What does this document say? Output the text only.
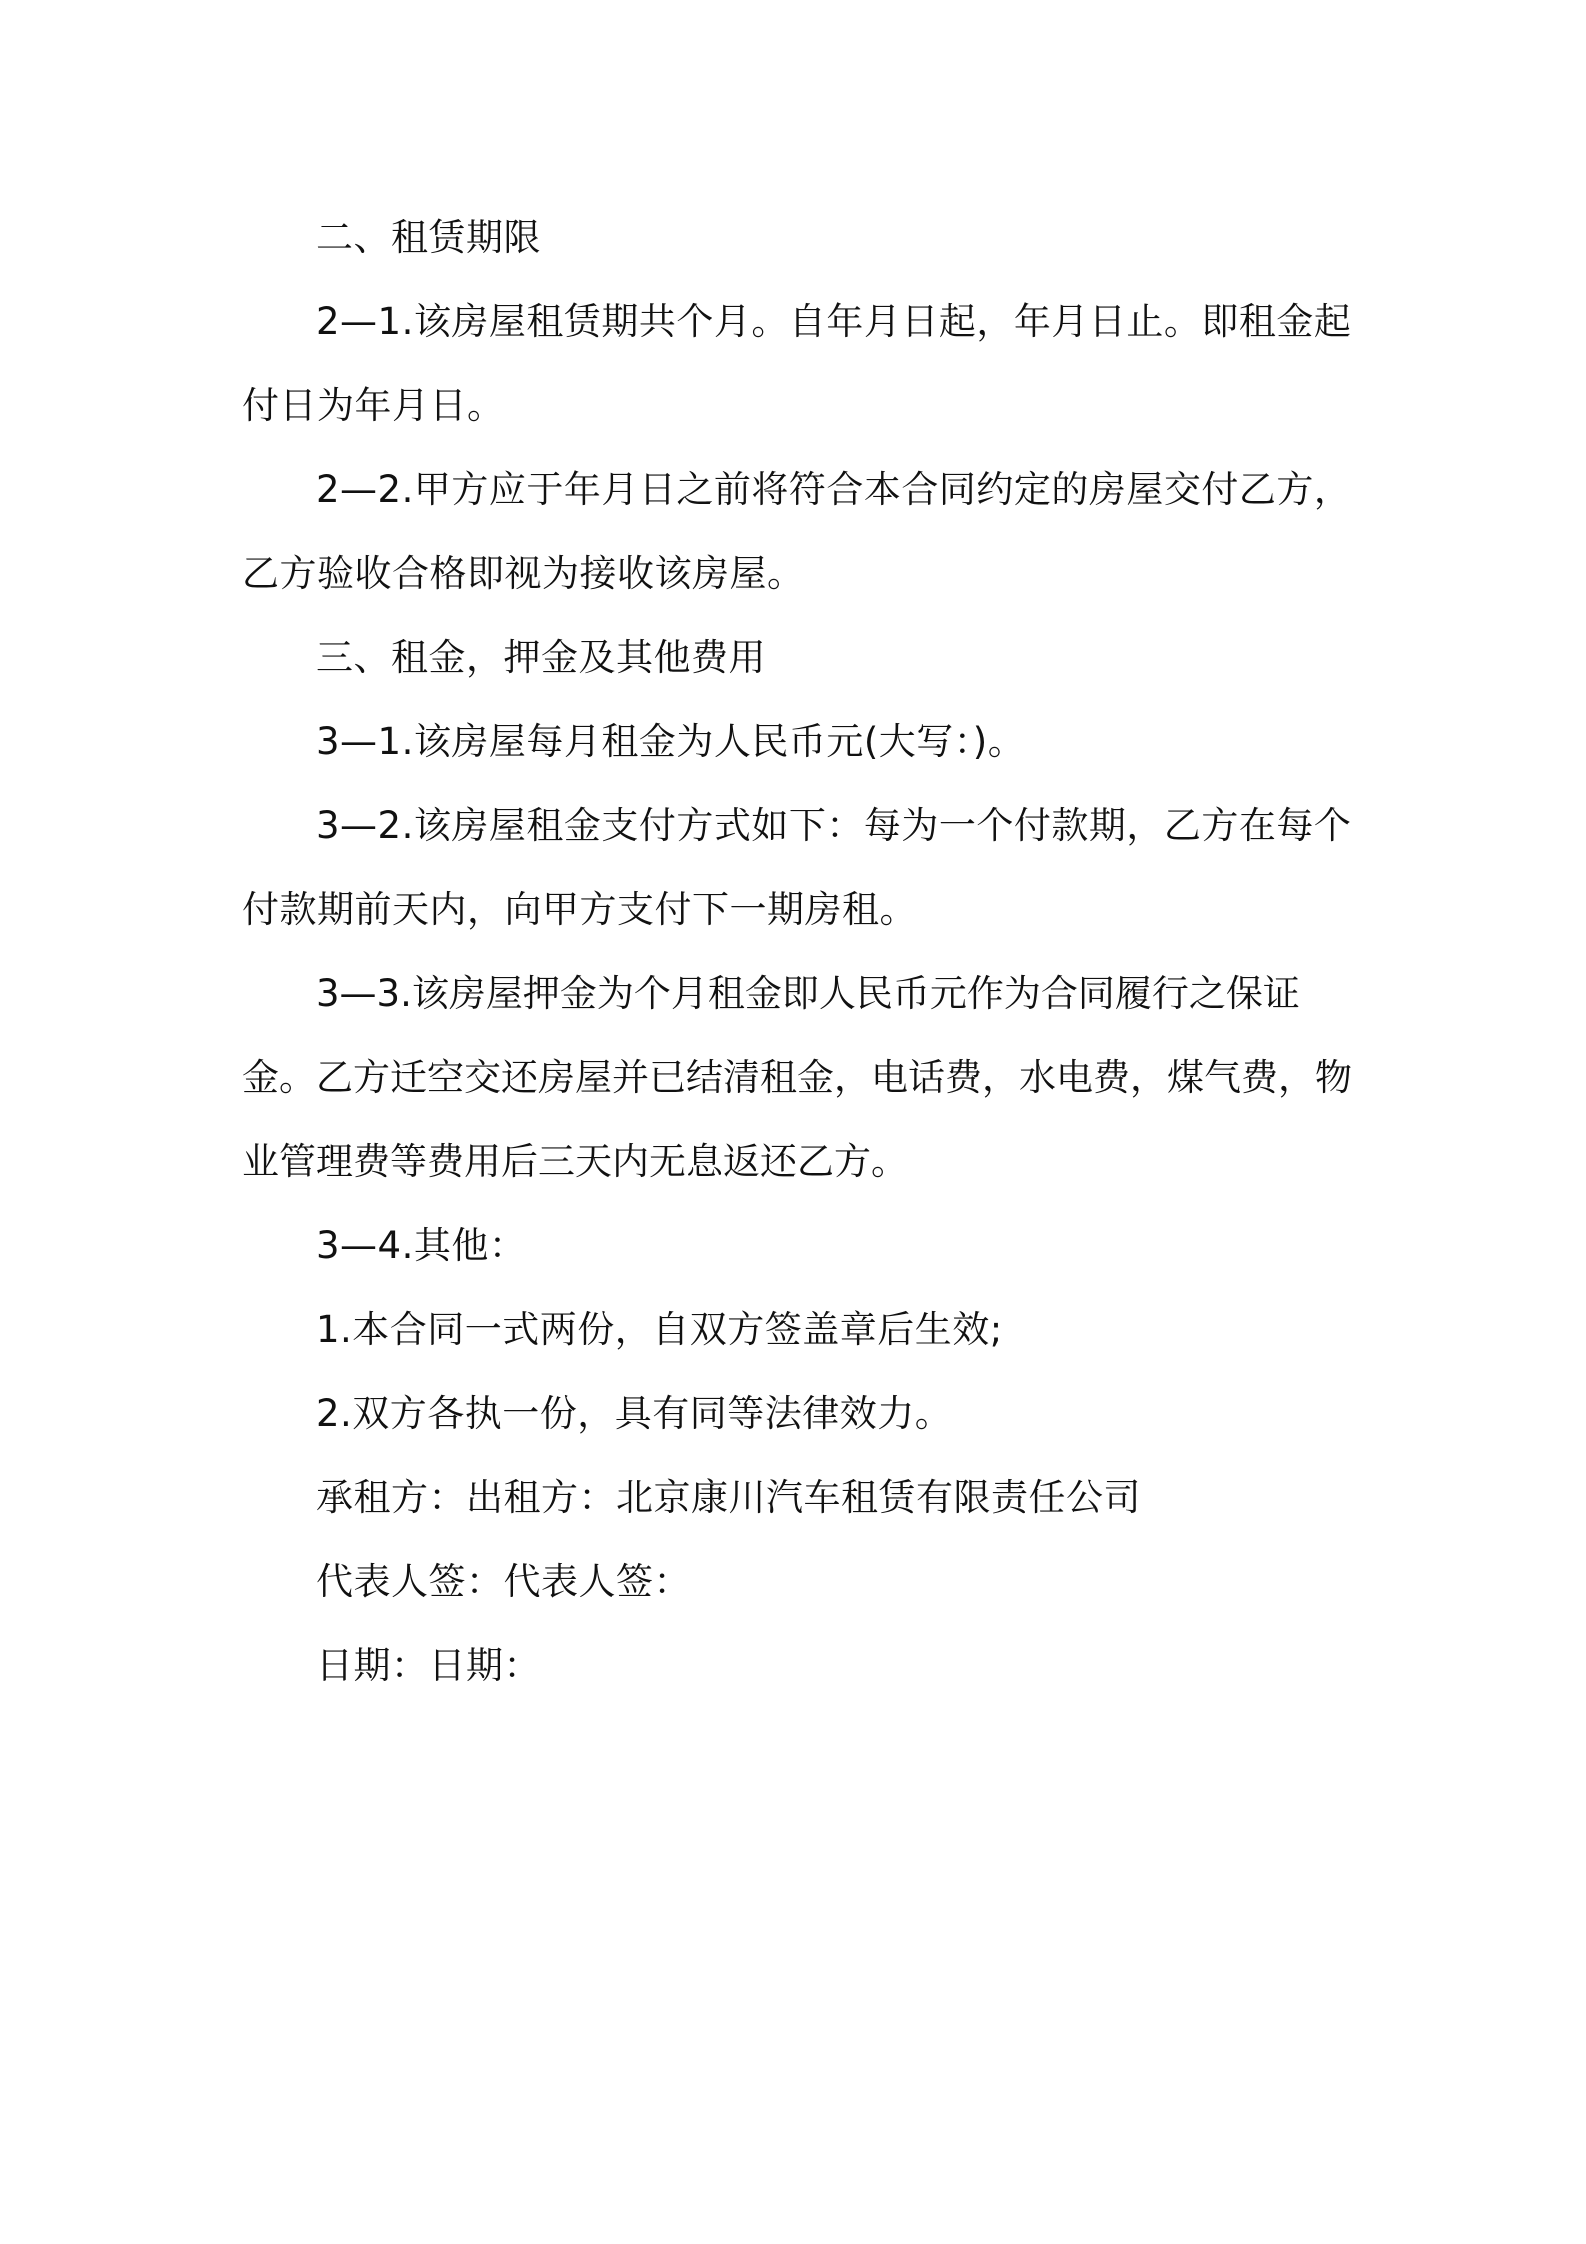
二、租赁期限

2—1.该房屋租赁期共个月。自年月日起，年月日止。即租金起付日为年月日。

2—2.甲方应于年月日之前将符合本合同约定的房屋交付乙方，乙方验收合格即视为接收该房屋。

三、租金，押金及其他费用

3—1.该房屋每月租金为人民币元(大写：)。

3—2.该房屋租金支付方式如下：每为一个付款期，乙方在每个付款期前天内，向甲方支付下一期房租。

3—3.该房屋押金为个月租金即人民币元作为合同履行之保证金。乙方迁空交还房屋并已结清租金，电话费，水电费，煤气费，物业管理费等费用后三天内无息返还乙方。

3—4.其他：

1.本合同一式两份，自双方签盖章后生效;

2.双方各执一份，具有同等法律效力。

承租方：出租方：北京康川汽车租赁有限责任公司

代表人签：代表人签：

日期：日期：
